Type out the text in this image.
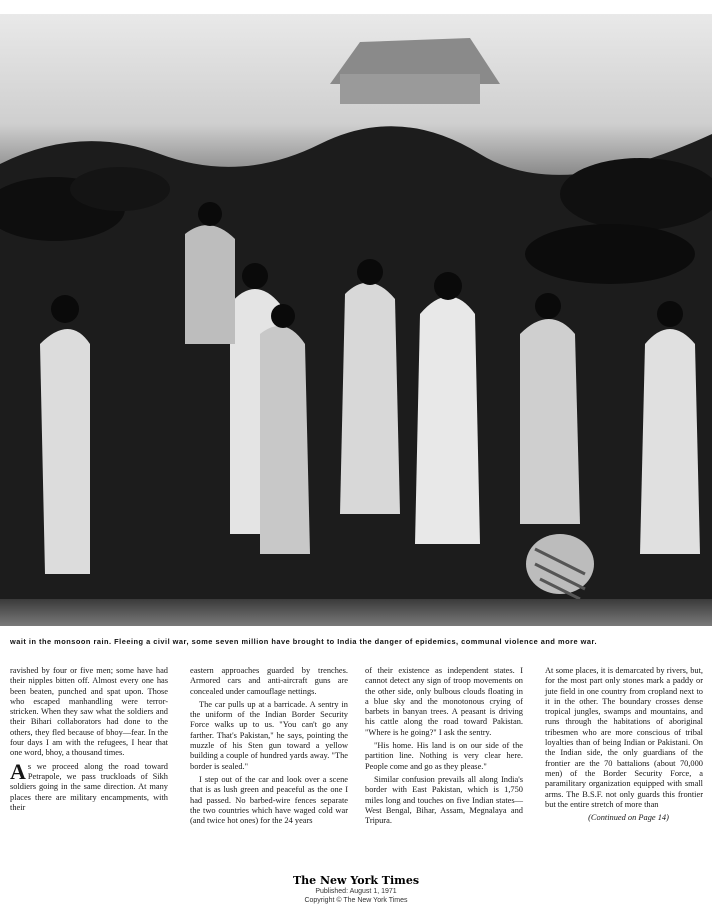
wait in the monsoon rain. Fleeing a civil war, some seven million have brought to India the danger of epidemics, communal violence and more war.

ravished by four or five men; some have had their nipples bitten off. Almost every one has been beaten, punched and spat upon. Those who escaped manhandling were terror-stricken. When they saw what the soldiers and their Bihari collaborators had done to the others, they fled because of bhoy—fear. In the four days I am with the refugees, I hear that one word, bhoy, a thousand times.

As we proceed along the road toward Petrapole, we pass truckloads of Sikh soldiers going in the same direction. At many places there are military encampments, with their

eastern approaches guarded by trenches. Armored cars and anti-aircraft guns are concealed under camouflage nettings.

The car pulls up at a barricade. A sentry in the uniform of the Indian Border Security Force walks up to us. "You can't go any farther. That's Pakistan," he says, pointing the muzzle of his Sten gun toward a yellow building a couple of hundred yards away. "The border is sealed."

I step out of the car and look over a scene that is as lush green and peaceful as the one I had passed. No barbed-wire fences separate the two countries which have waged cold war (and twice hot ones) for the 24 years

of their existence as independent states. I cannot detect any sign of troop movements on the other side, only bulbous clouds floating in a blue sky and the monotonous crying of barbets in banyan trees. A peasant is driving his cattle along the road toward Pakistan. "Where is he going?" I ask the sentry.

"His home. His land is on our side of the partition line. Nothing is very clear here. People come and go as they please."

Similar confusion prevails all along India's border with East Pakistan, which is 1,750 miles long and touches on five Indian states—West Bengal, Bihar, Assam, Megnalaya and Tripura.

At some places, it is demarcated by rivers, but, for the most part only stones mark a paddy or jute field in one country from cropland next to it in the other. The boundary crosses dense tropical jungles, swamps and mountains, and runs through the habitations of aboriginal tribesmen who are more conscious of tribal loyalties than of being Indian or Pakistani. On the Indian side, the only guardians of the frontier are the 70 battalions (about 70,000 men) of the Border Security Force, a paramilitary organization equipped with small arms. The B.S.F. not only guards this frontier but the entire stretch of more than

(Continued on Page 14)

The New York Times
Published: August 1, 1971
Copyright © The New York Times
